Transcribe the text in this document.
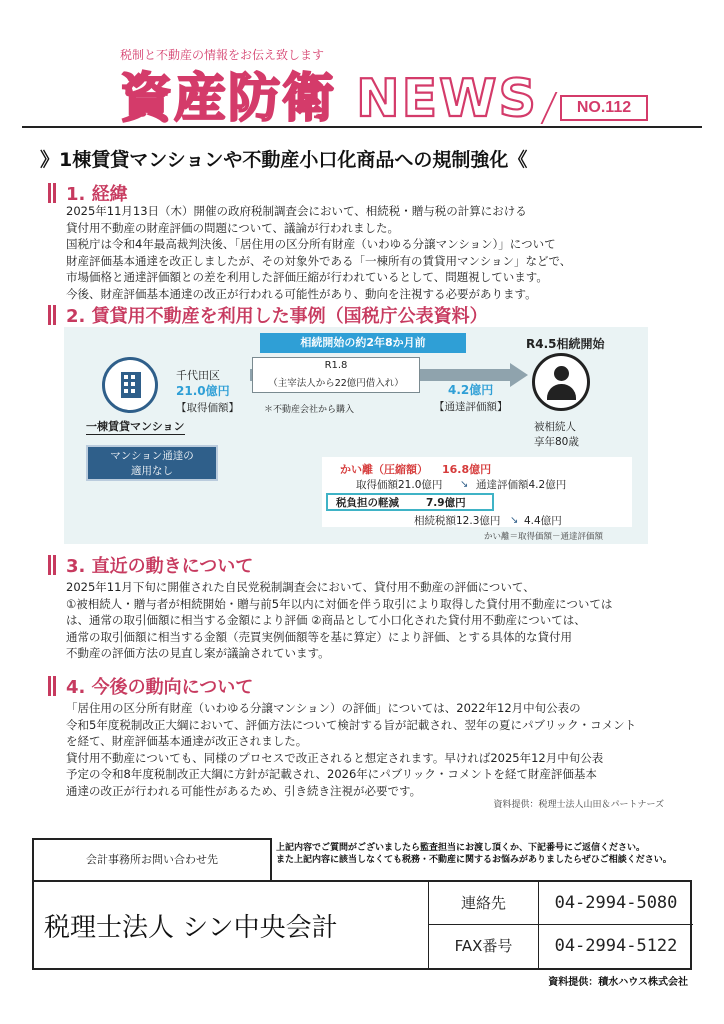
税制と不動産の情報をお伝え致します
資産防衛 NEWS	NO.112
》1棟賃貸マンションや不動産小口化商品への規制強化《
1. 経緯

2025年11月13日（木）開催の政府税制調査会において、相続税・贈与税の計算における

貸付用不動産の財産評価の問題について、議論が行われました。

国税庁は令和4年最高裁判決後、「居住用の区分所有財産（いわゆる分譲マンション）」について

財産評価基本通達を改正しましたが、その対象外である「一棟所有の賃貸用マンション」などで、

市場価格と通達評価額との差を利用した評価圧縮が行われているとして、問題視しています。

今後、財産評価基本通達の改正が行われる可能性があり、動向を注視する必要があります。

2. 賃貸用不動産を利用した事例（国税庁公表資料）
相続開始の約2年8か月前	R4.5相続開始
千代田区
21.0億円
【取得価額】
R1.8
（主宰法人から22億円借入れ）
＊不動産会社から購入
4.2億円
【通達評価額】
被相続人
享年80歳
一棟賃貸マンション
マンション通達の
適用なし	かい離（圧縮額） 16.8億円
取得価額21.0億円 ↘ 通達評価額4.2億円
税負担の軽減	7.9億円
相続税額12.3億円 ↘ 4.4億円
かい離＝取得価額－通達評価額
3. 直近の動きについて

2025年11月下旬に開催された自民党税制調査会において、貸付用不動産の評価について、

①被相続人・贈与者が相続開始・贈与前5年以内に対価を伴う取引により取得した貸付用不動産については

は、通常の取引価額に相当する金額により評価 ②商品として小口化された貸付用不動産については、

通常の取引価額に相当する金額（売買実例価額等を基に算定）により評価、とする具体的な貸付用

不動産の評価方法の見直し案が議論されています。

4. 今後の動向について

「居住用の区分所有財産（いわゆる分譲マンション）の評価」については、2022年12月中旬公表の

令和5年度税制改正大綱において、評価方法について検討する旨が記載され、翌年の夏にパブリック・コメント

を経て、財産評価基本通達が改正されました。

貸付用不動産についても、同様のプロセスで改正されると想定されます。早ければ2025年12月中旬公表

予定の令和8年度税制改正大綱に方針が記載され、2026年にパブリック・コメントを経て財産評価基本

通達の改正が行われる可能性があるため、引き続き注視が必要です。

資料提供：税理士法人山田＆パートナーズ
会計事務所お問い合わせ先
上記内容でご質問がございましたら監査担当にお渡し頂くか、下記番号にご返信ください。
また上記内容に該当しなくても税務・不動産に関するお悩みがありましたらぜひご相談ください。
税理士法人 シン中央会計
連絡先	04-2994-5080
FAX番号	04-2994-5122
資料提供：積水ハウス株式会社
